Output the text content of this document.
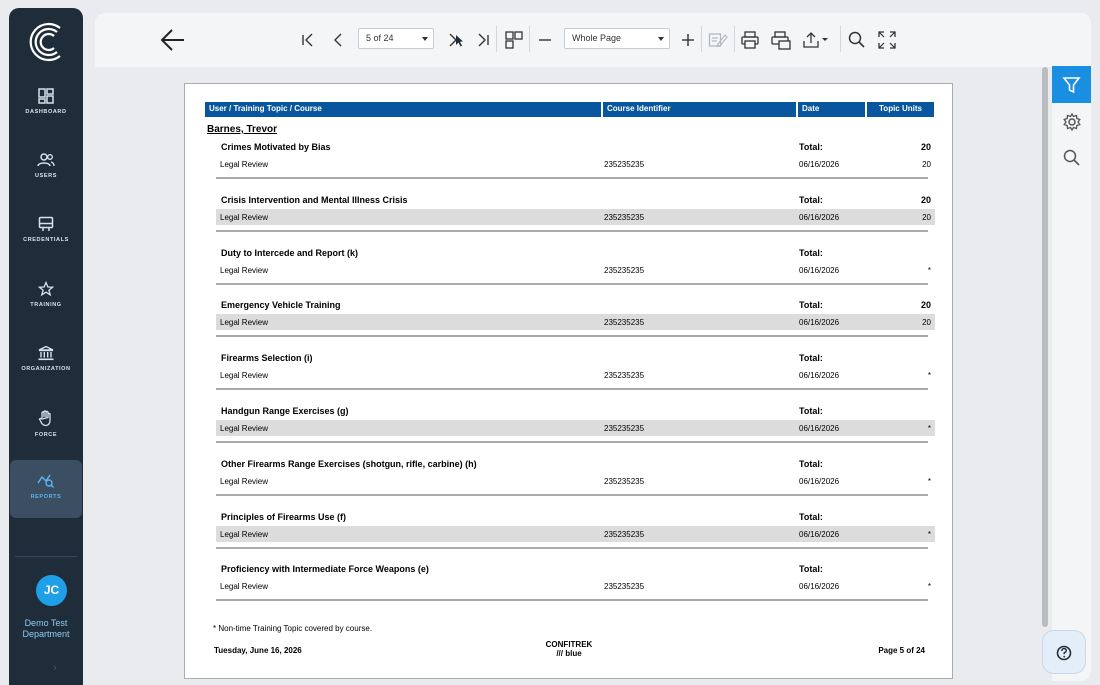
DASHBOARD
USERS
CREDENTIALS
TRAINING
ORGANIZATION
FORCE
REPORTS
JC
Demo Test Department
›
5 of 24	Whole Page
User / Training Topic / Course	Course Identifier	Date	Topic Units
Barnes, Trevor
Crimes Motivated by Bias	Total:	20
Legal Review	235235235	06/16/2026	20
Crisis Intervention and Mental Illness Crisis	Total:	20
Legal Review	235235235	06/16/2026	20
Duty to Intercede and Report (k)	Total:
Legal Review	235235235	06/16/2026	*
Emergency Vehicle Training	Total:	20
Legal Review	235235235	06/16/2026	20
Firearms Selection (i)	Total:
Legal Review	235235235	06/16/2026	*
Handgun Range Exercises (g)	Total:
Legal Review	235235235	06/16/2026	*
Other Firearms Range Exercises (shotgun, rifle, carbine) (h)	Total:
Legal Review	235235235	06/16/2026	*
Principles of Firearms Use (f)	Total:
Legal Review	235235235	06/16/2026	*
Proficiency with Intermediate Force Weapons (e)	Total:
Legal Review	235235235	06/16/2026	*
* Non-time Training Topic covered by course.
Tuesday, June 16, 2026
CONFITREK
/// blue	Page 5 of 24
